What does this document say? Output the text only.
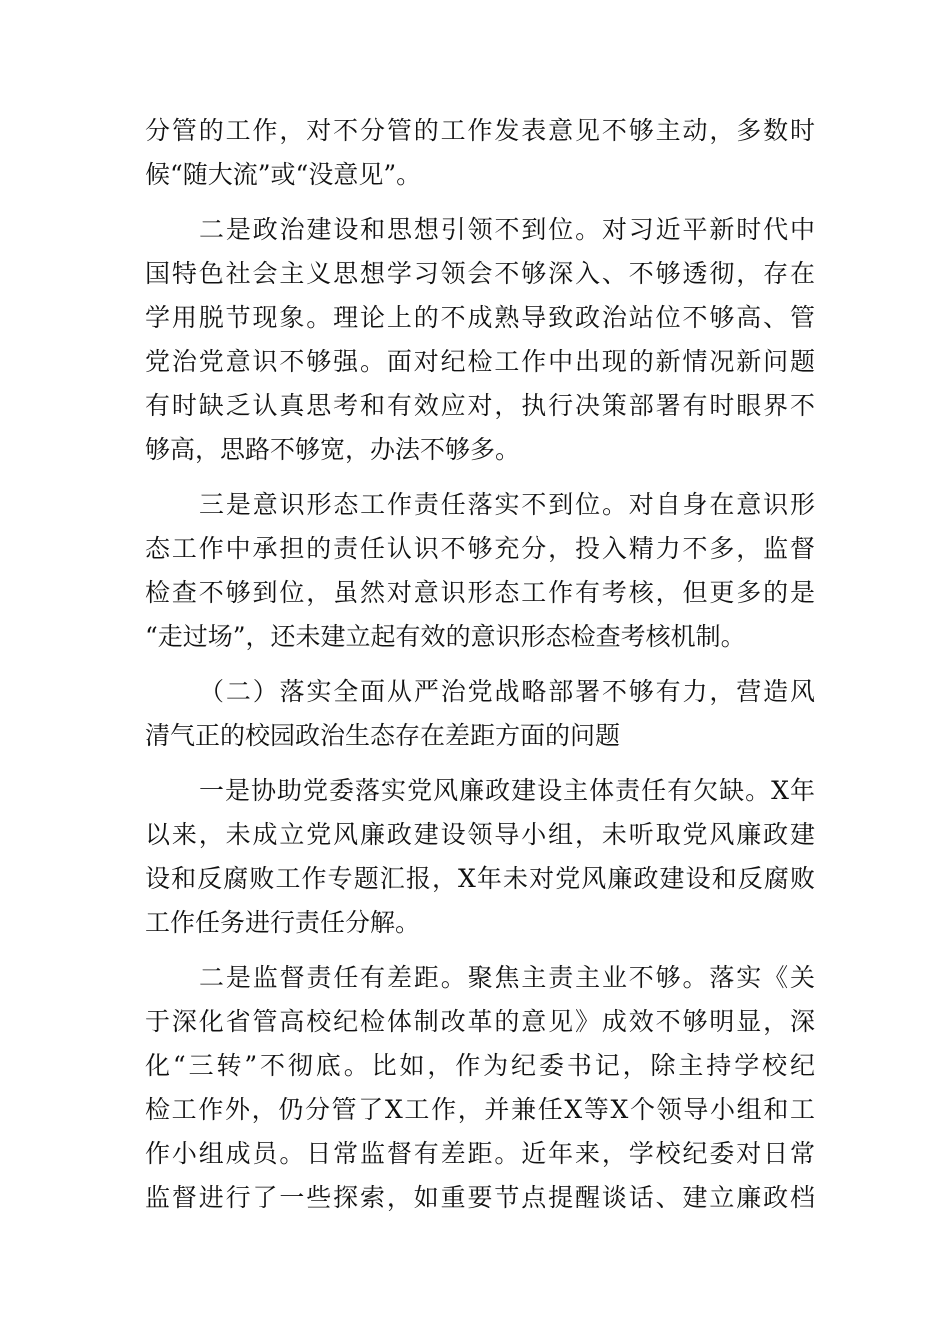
分管的工作，对不分管的工作发表意见不够主动，多数时
候“随大流”或“没意见”。
二是政治建设和思想引领不到位。对习近平新时代中
国特色社会主义思想学习领会不够深入、不够透彻，存在
学用脱节现象。理论上的不成熟导致政治站位不够高、管
党治党意识不够强。面对纪检工作中出现的新情况新问题
有时缺乏认真思考和有效应对，执行决策部署有时眼界不
够高，思路不够宽，办法不够多。
三是意识形态工作责任落实不到位。对自身在意识形
态工作中承担的责任认识不够充分，投入精力不多，监督
检查不够到位，虽然对意识形态工作有考核，但更多的是
“走过场”，还未建立起有效的意识形态检查考核机制。
（二）落实全面从严治党战略部署不够有力，营造风
清气正的校园政治生态存在差距方面的问题
一是协助党委落实党风廉政建设主体责任有欠缺。X年
以来，未成立党风廉政建设领导小组，未听取党风廉政建
设和反腐败工作专题汇报，X年未对党风廉政建设和反腐败
工作任务进行责任分解。
二是监督责任有差距。聚焦主责主业不够。落实《关
于深化省管高校纪检体制改革的意见》成效不够明显，深
化“三转”不彻底。比如，作为纪委书记，除主持学校纪
检工作外，仍分管了X工作，并兼任X等X个领导小组和工
作小组成员。日常监督有差距。近年来，学校纪委对日常
监督进行了一些探索，如重要节点提醒谈话、建立廉政档
